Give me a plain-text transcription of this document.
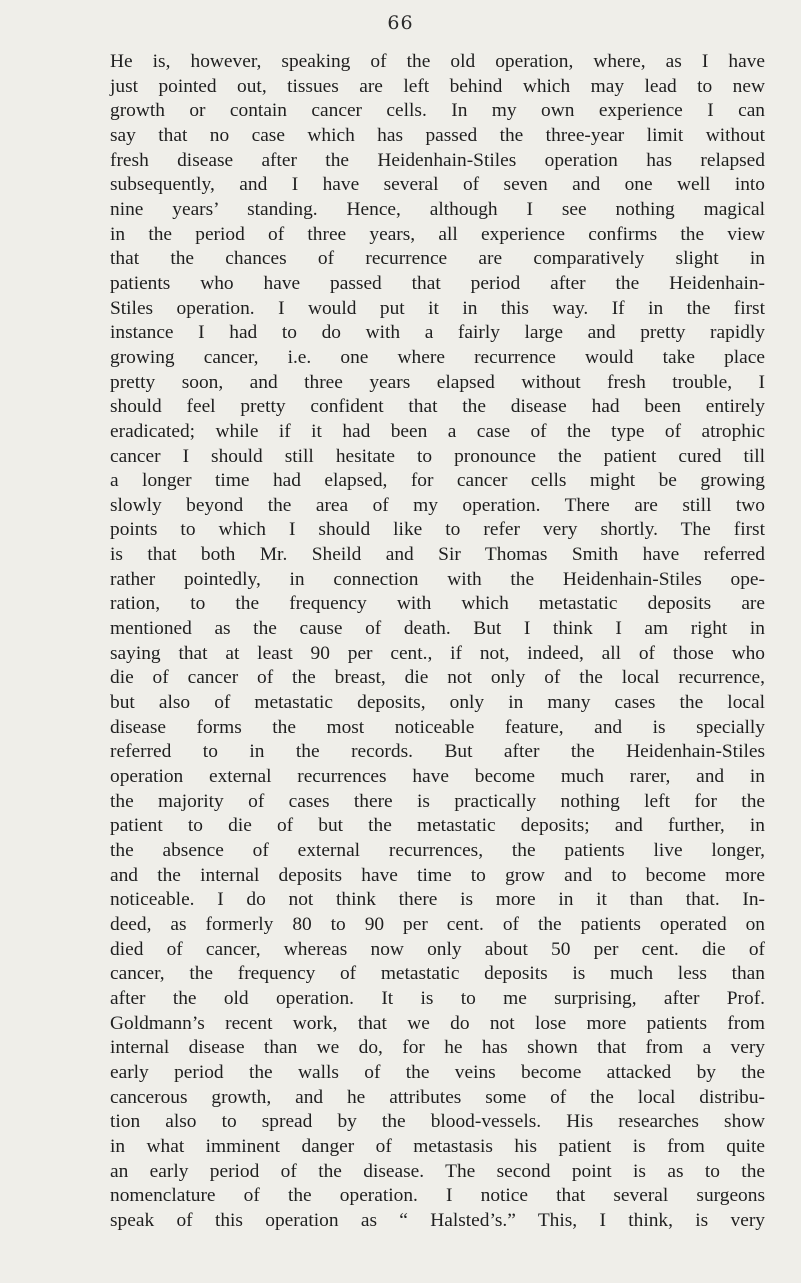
66
He is, however, speaking of the old operation, where, as I have
just pointed out, tissues are left behind which may lead to new
growth or contain cancer cells. In my own experience I can
say that no case which has passed the three-year limit without
fresh disease after the Heidenhain-Stiles operation has relapsed
subsequently, and I have several of seven and one well into
nine years’ standing. Hence, although I see nothing magical
in the period of three years, all experience confirms the view
that the chances of recurrence are comparatively slight in
patients who have passed that period after the Heidenhain-
Stiles operation. I would put it in this way. If in the first
instance I had to do with a fairly large and pretty rapidly
growing cancer, i.e. one where recurrence would take place
pretty soon, and three years elapsed without fresh trouble, I
should feel pretty confident that the disease had been entirely
eradicated; while if it had been a case of the type of atrophic
cancer I should still hesitate to pronounce the patient cured till
a longer time had elapsed, for cancer cells might be growing
slowly beyond the area of my operation. There are still two
points to which I should like to refer very shortly. The first
is that both Mr. Sheild and Sir Thomas Smith have referred
rather pointedly, in connection with the Heidenhain-Stiles ope-
ration, to the frequency with which metastatic deposits are
mentioned as the cause of death. But I think I am right in
saying that at least 90 per cent., if not, indeed, all of those who
die of cancer of the breast, die not only of the local recurrence,
but also of metastatic deposits, only in many cases the local
disease forms the most noticeable feature, and is specially
referred to in the records. But after the Heidenhain-Stiles
operation external recurrences have become much rarer, and in
the majority of cases there is practically nothing left for the
patient to die of but the metastatic deposits; and further, in
the absence of external recurrences, the patients live longer,
and the internal deposits have time to grow and to become more
noticeable. I do not think there is more in it than that. In-
deed, as formerly 80 to 90 per cent. of the patients operated on
died of cancer, whereas now only about 50 per cent. die of
cancer, the frequency of metastatic deposits is much less than
after the old operation. It is to me surprising, after Prof.
Goldmann’s recent work, that we do not lose more patients from
internal disease than we do, for he has shown that from a very
early period the walls of the veins become attacked by the
cancerous growth, and he attributes some of the local distribu-
tion also to spread by the blood-vessels. His researches show
in what imminent danger of metastasis his patient is from quite
an early period of the disease. The second point is as to the
nomenclature of the operation. I notice that several surgeons
speak of this operation as “ Halsted’s.” This, I think, is very
